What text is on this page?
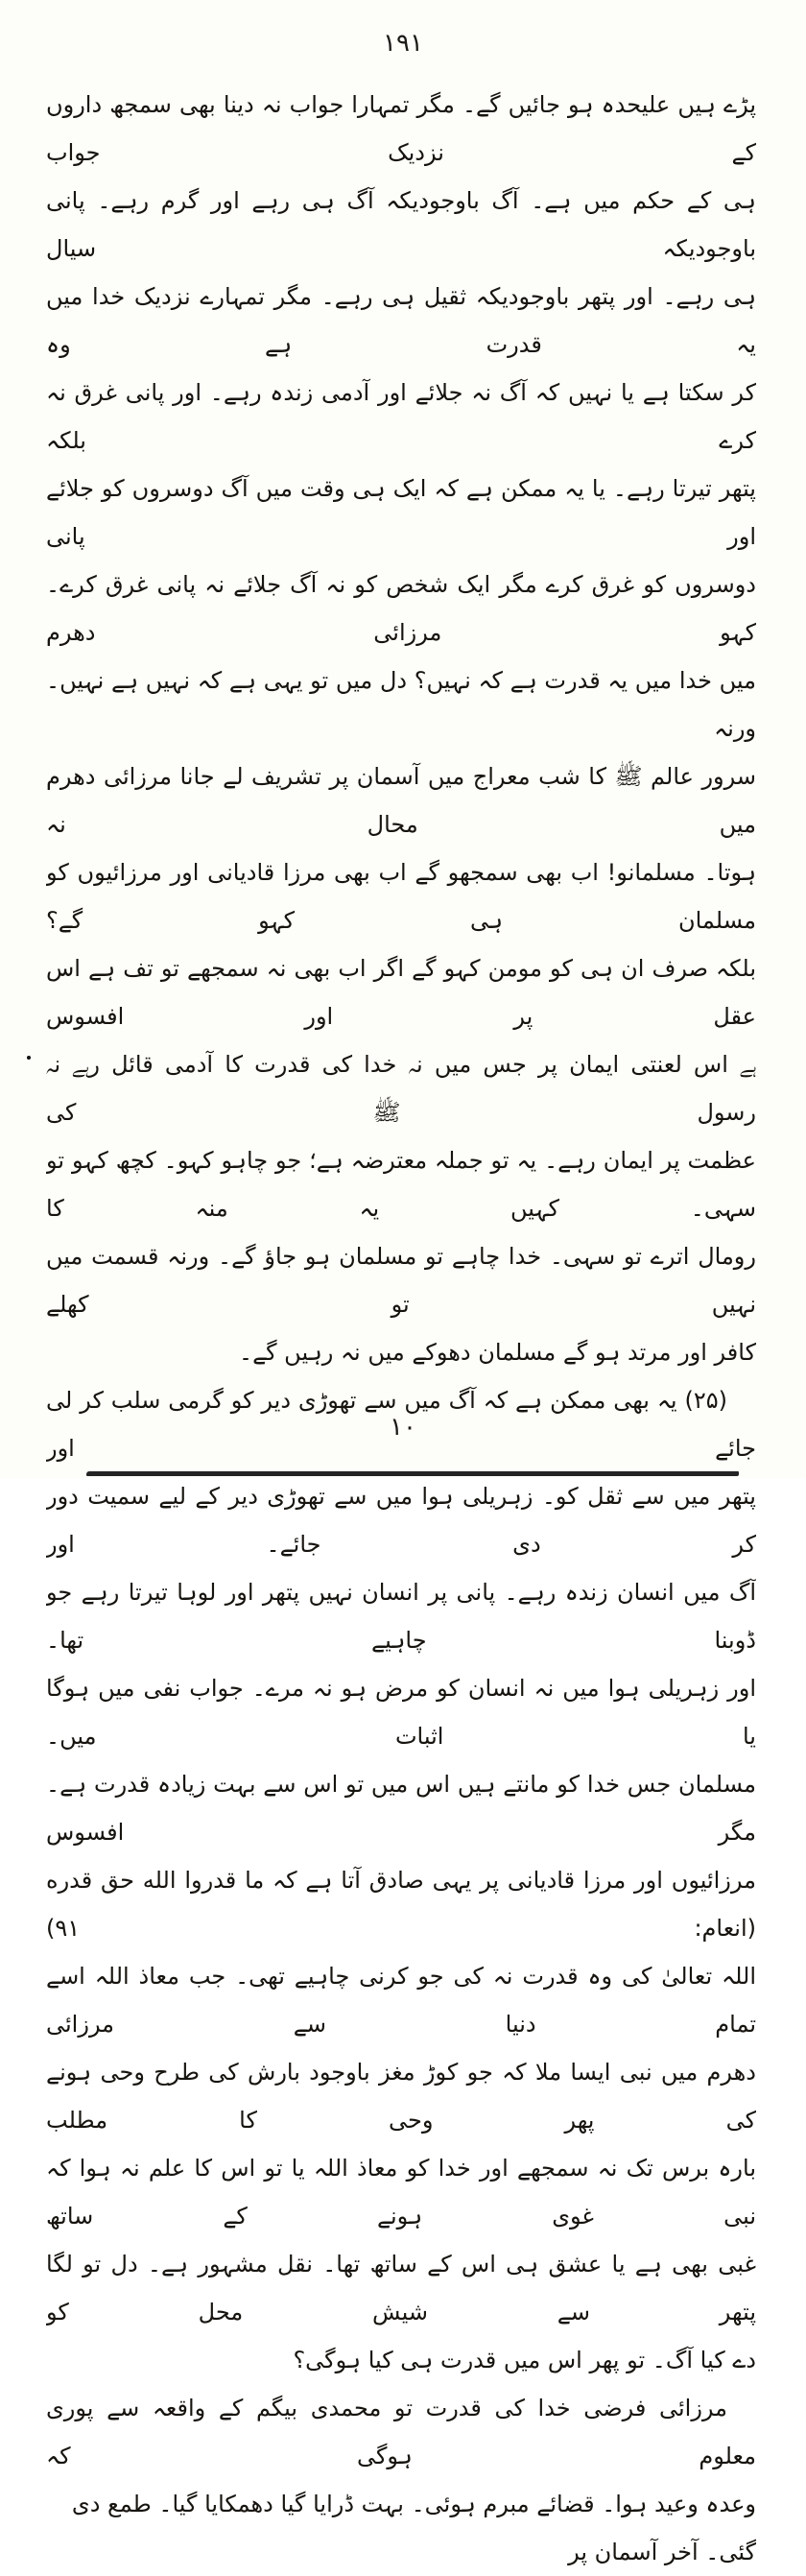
١٩١
پڑے ہیں علیحدہ ہو جائیں گے۔ مگر تمہارا جواب نہ دینا بھی سمجھ داروں کے نزدیک جواب
ہی کے حکم میں ہے۔ آگ باوجودیکہ آگ ہی رہے اور گرم رہے۔ پانی باوجودیکہ سیال
ہی رہے۔ اور پتھر باوجودیکہ ثقیل ہی رہے۔ مگر تمہارے نزدیک خدا میں یہ قدرت ہے وہ
کر سکتا ہے یا نہیں کہ آگ نہ جلائے اور آدمی زندہ رہے۔ اور پانی غرق نہ کرے بلکہ
پتھر تیرتا رہے۔ یا یہ ممکن ہے کہ ایک ہی وقت میں آگ دوسروں کو جلائے اور پانی
دوسروں کو غرق کرے مگر ایک شخص کو نہ آگ جلائے نہ پانی غرق کرے۔ کہو مرزائی دھرم
میں خدا میں یہ قدرت ہے کہ نہیں؟ دل میں تو یہی ہے کہ نہیں ہے نہیں۔ ورنہ
سرور عالم ﷺ کا شب معراج میں آسمان پر تشریف لے جانا مرزائی دھرم میں محال نہ
ہوتا۔ مسلمانو! اب بھی سمجھو گے اب بھی مرزا قادیانی اور مرزائیوں کو مسلمان ہی کہو گے؟
بلکہ صرف ان ہی کو مومن کہو گے اگر اب بھی نہ سمجھے تو تف ہے اس عقل پر اور افسوس
ہے اس لعنتی ایمان پر جس میں نہ خدا کی قدرت کا آدمی قائل رہے نہ رسول ﷺ کی
عظمت پر ایمان رہے۔ یہ تو جملہ معترضہ ہے؛ جو چاہو کہو۔ کچھ کہو تو سہی۔ کہیں یہ منہ کا
رومال اترے تو سہی۔ خدا چاہے تو مسلمان ہو جاؤ گے۔ ورنہ قسمت میں نہیں تو کھلے
کافر اور مرتد ہو گے مسلمان دھوکے میں نہ رہیں گے۔
(۲۵) یہ بھی ممکن ہے کہ آگ میں سے تھوڑی دیر کو گرمی سلب کر لی جائے اور
پتھر میں سے ثقل کو۔ زہریلی ہوا میں سے تھوڑی دیر کے لیے سمیت دور کر دی جائے۔ اور
آگ میں انسان زندہ رہے۔ پانی پر انسان نہیں پتھر اور لوہا تیرتا رہے جو ڈوبنا چاہیے تھا۔
اور زہریلی ہوا میں نہ انسان کو مرض ہو نہ مرے۔ جواب نفی میں ہوگا یا اثبات میں۔
مسلمان جس خدا کو مانتے ہیں اس میں تو اس سے بہت زیادہ قدرت ہے۔ مگر افسوس
مرزائیوں اور مرزا قادیانی پر یہی صادق آتا ہے کہ ما قدروا الله حق قدره (انعام: ٩١)
اللہ تعالیٰ کی وہ قدرت نہ کی جو کرنی چاہیے تھی۔ جب معاذ اللہ اسے تمام دنیا سے مرزائی
دھرم میں نبی ایسا ملا کہ جو کوڑ مغز باوجود بارش کی طرح وحی ہونے کی پھر وحی کا مطلب
بارہ برس تک نہ سمجھے اور خدا کو معاذ اللہ یا تو اس کا علم نہ ہوا کہ نبی غوی ہونے کے ساتھ
غبی بھی ہے یا عشق ہی اس کے ساتھ تھا۔ نقل مشہور ہے۔ دل تو لگا پتھر سے شیش محل کو
دے کیا آگ۔ تو پھر اس میں قدرت ہی کیا ہوگی؟
مرزائی فرضی خدا کی قدرت تو محمدی بیگم کے واقعہ سے پوری معلوم ہوگی کہ
وعدہ وعید ہوا۔ قضائے مبرم ہوئی۔ بہت ڈرایا گیا دھمکایا گیا۔ طمع دی گئی۔ آخر آسمان پر
١٠
